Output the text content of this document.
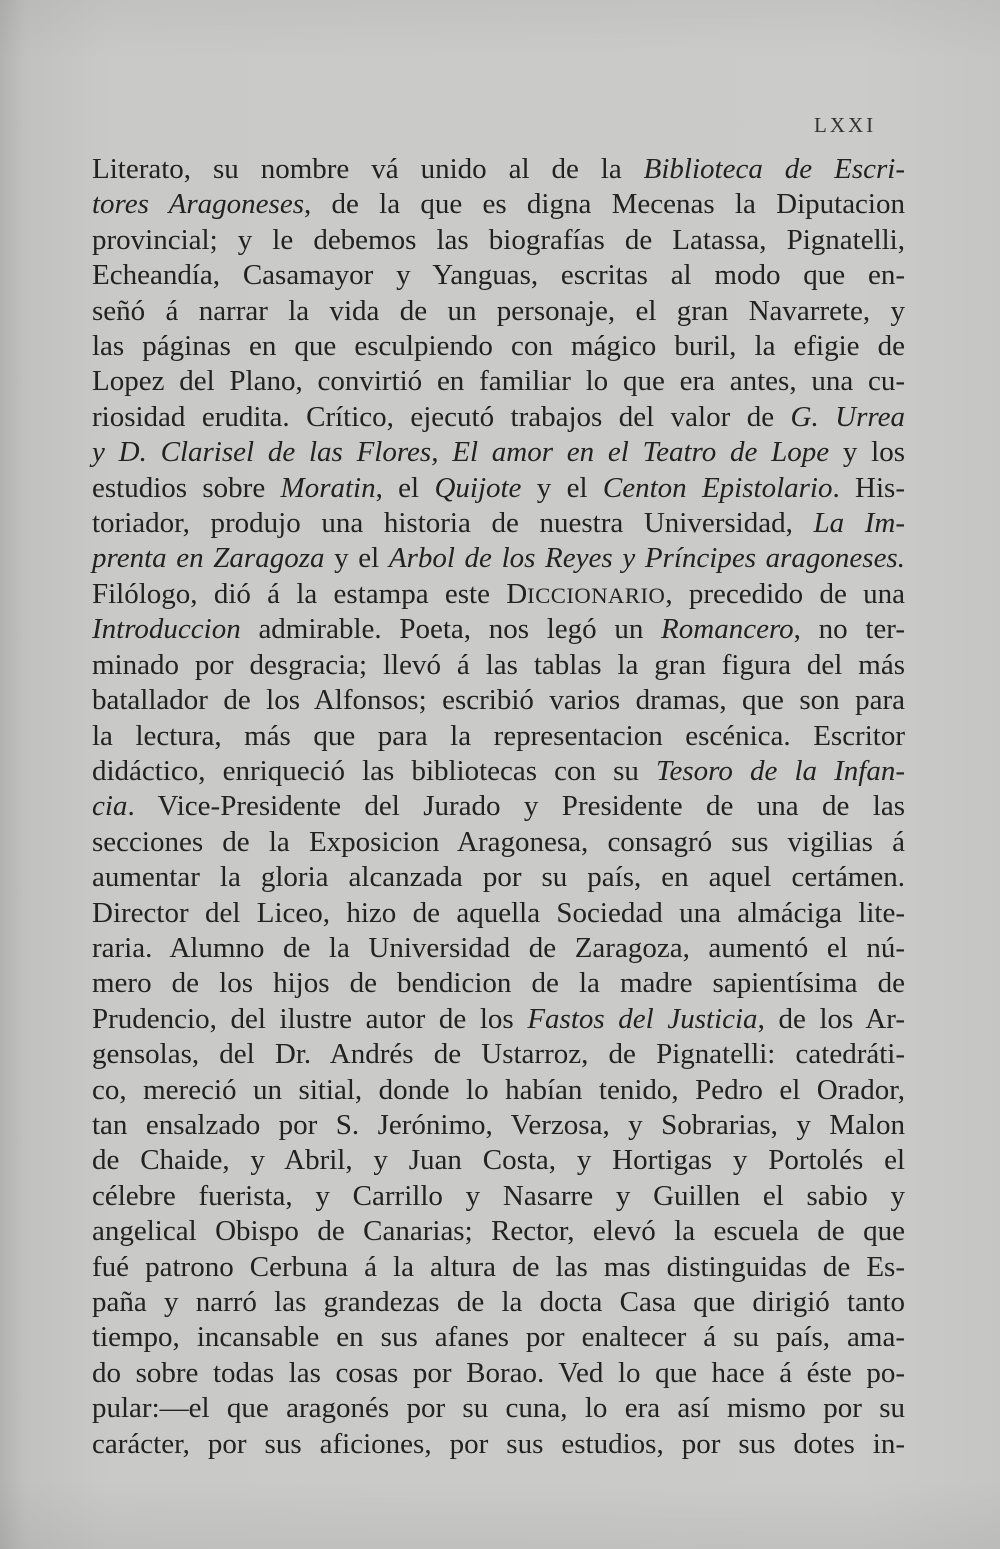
LXXI
Literato, su nombre vá unido al de la Biblioteca de Escri-
tores Aragoneses, de la que es digna Mecenas la Diputacion
provincial; y le debemos las biografías de Latassa, Pignatelli,
Echeandía, Casamayor y Yanguas, escritas al modo que en-
señó á narrar la vida de un personaje, el gran Navarrete, y
las páginas en que esculpiendo con mágico buril, la efigie de
Lopez del Plano, convirtió en familiar lo que era antes, una cu-
riosidad erudita. Crítico, ejecutó trabajos del valor de G. Urrea
y D. Clarisel de las Flores, El amor en el Teatro de Lope y los
estudios sobre Moratin, el Quijote y el Centon Epistolario. His-
toriador, produjo una historia de nuestra Universidad, La Im-
prenta en Zaragoza y el Arbol de los Reyes y Príncipes aragoneses.
Filólogo, dió á la estampa este DICCIONARIO, precedido de una
Introduccion admirable. Poeta, nos legó un Romancero, no ter-
minado por desgracia; llevó á las tablas la gran figura del más
batallador de los Alfonsos; escribió varios dramas, que son para
la lectura, más que para la representacion escénica. Escritor
didáctico, enriqueció las bibliotecas con su Tesoro de la Infan-
cia. Vice-Presidente del Jurado y Presidente de una de las
secciones de la Exposicion Aragonesa, consagró sus vigilias á
aumentar la gloria alcanzada por su país, en aquel certámen.
Director del Liceo, hizo de aquella Sociedad una almáciga lite-
raria. Alumno de la Universidad de Zaragoza, aumentó el nú-
mero de los hijos de bendicion de la madre sapientísima de
Prudencio, del ilustre autor de los Fastos del Justicia, de los Ar-
gensolas, del Dr. Andrés de Ustarroz, de Pignatelli: catedráti-
co, mereció un sitial, donde lo habían tenido, Pedro el Orador,
tan ensalzado por S. Jerónimo, Verzosa, y Sobrarias, y Malon
de Chaide, y Abril, y Juan Costa, y Hortigas y Portolés el
célebre fuerista, y Carrillo y Nasarre y Guillen el sabio y
angelical Obispo de Canarias; Rector, elevó la escuela de que
fué patrono Cerbuna á la altura de las mas distinguidas de Es-
paña y narró las grandezas de la docta Casa que dirigió tanto
tiempo, incansable en sus afanes por enaltecer á su país, ama-
do sobre todas las cosas por Borao. Ved lo que hace á éste po-
pular:—el que aragonés por su cuna, lo era así mismo por su
carácter, por sus aficiones, por sus estudios, por sus dotes in-
